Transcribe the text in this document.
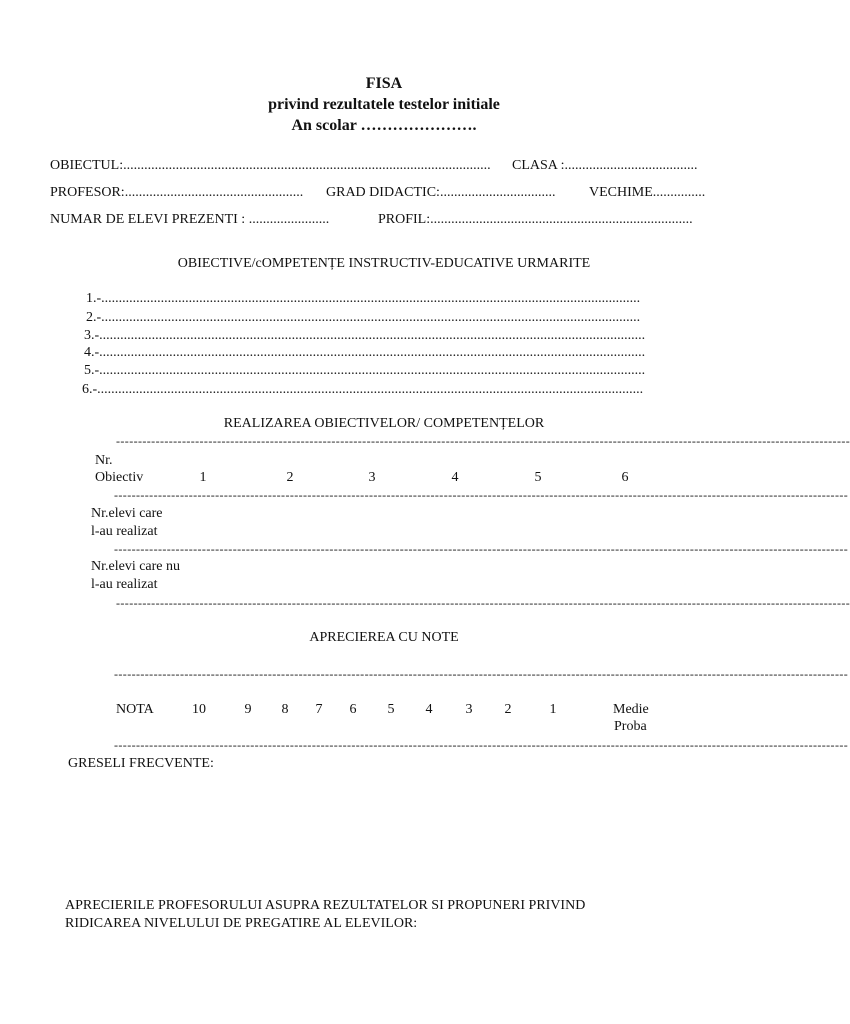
FISA
privind rezultatele testelor initiale
An scolar ………………….
OBIECTUL:......................................................................................................... CLASA :......................................
PROFESOR:................................................... GRAD DIDACTIC:................................. VECHIME...............
NUMAR DE ELEVI PREZENTI : .......................	PROFIL:...........................................................................
OBIECTIVE/cOMPETENȚE INSTRUCTIV-EDUCATIVE URMARITE
1.-..........................................................................................................................................................
2.-..........................................................................................................................................................
3.-............................................................................................................................................................
4.-............................................................................................................................................................
5.-............................................................................................................................................................
6.-............................................................................................................................................................
REALIZAREA OBIECTIVELOR/ COMPETENȚELOR
-----------------------------------------------------------------------------------------------------------------------------------------------------------------------
Nr.
Obiectiv	1	2	3	4	5	6
-----------------------------------------------------------------------------------------------------------------------------------------------------------------------
Nr.elevi care
l-au realizat
-----------------------------------------------------------------------------------------------------------------------------------------------------------------------
Nr.elevi care nu
l-au realizat
-----------------------------------------------------------------------------------------------------------------------------------------------------------------------
APRECIEREA CU NOTE
-----------------------------------------------------------------------------------------------------------------------------------------------------------------------
NOTA	10	9	8	7	6	5	4	3	2	1	Medie
Proba
-----------------------------------------------------------------------------------------------------------------------------------------------------------------------
GRESELI FRECVENTE:
APRECIERILE PROFESORULUI ASUPRA REZULTATELOR SI PROPUNERI PRIVIND
RIDICAREA NIVELULUI DE PREGATIRE AL ELEVILOR:
